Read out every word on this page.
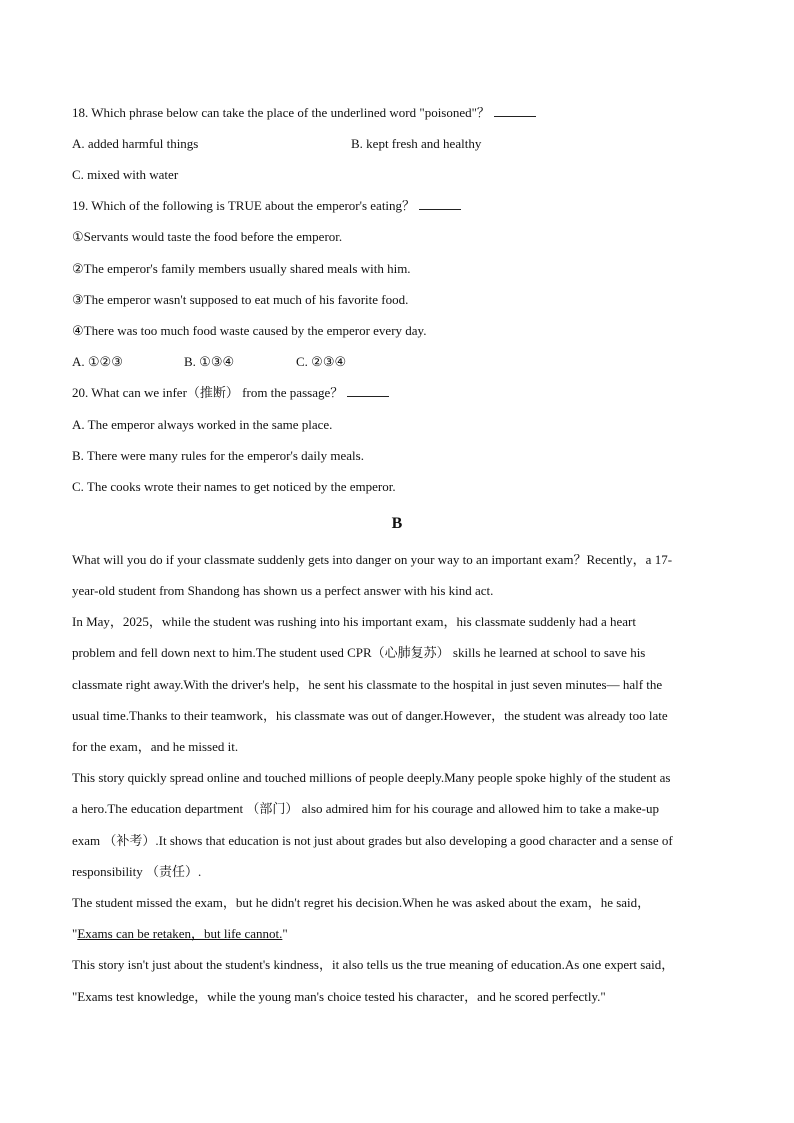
18. Which phrase below can take the place of the underlined word "poisoned"？
A. added harmful things	B. kept fresh and healthy
C. mixed with water
19. Which of the following is TRUE about the emperor's eating？
①Servants would taste the food before the emperor.
②The emperor's family members usually shared meals with him.
③The emperor wasn't supposed to eat much of his favorite food.
④There was too much food waste caused by the emperor every day.
A. ①②③	B. ①③④	C. ②③④
20. What can we infer（推断） from the passage？
A. The emperor always worked in the same place.
B. There were many rules for the emperor's daily meals.
C. The cooks wrote their names to get noticed by the emperor.
B
What will you do if your classmate suddenly gets into danger on your way to an important exam？Recently，a 17-
year-old student from Shandong has shown us a perfect answer with his kind act.
In May，2025，while the student was rushing into his important exam，his classmate suddenly had a heart
problem and fell down next to him.The student used CPR（心肺复苏） skills he learned at school to save his
classmate right away.With the driver's help，he sent his classmate to the hospital in just seven minutes— half the
usual time.Thanks to their teamwork，his classmate was out of danger.However，the student was already too late
for the exam，and he missed it.
This story quickly spread online and touched millions of people deeply.Many people spoke highly of the student as
a hero.The education department （部门） also admired him for his courage and allowed him to take a make-up
exam （补考）.It shows that education is not just about grades but also developing a good character and a sense of
responsibility （责任）.
The student missed the exam，but he didn't regret his decision.When he was asked about the exam，he said，
"Exams can be retaken，but life cannot."
This story isn't just about the student's kindness，it also tells us the true meaning of education.As one expert said，
"Exams test knowledge，while the young man's choice tested his character，and he scored perfectly."
